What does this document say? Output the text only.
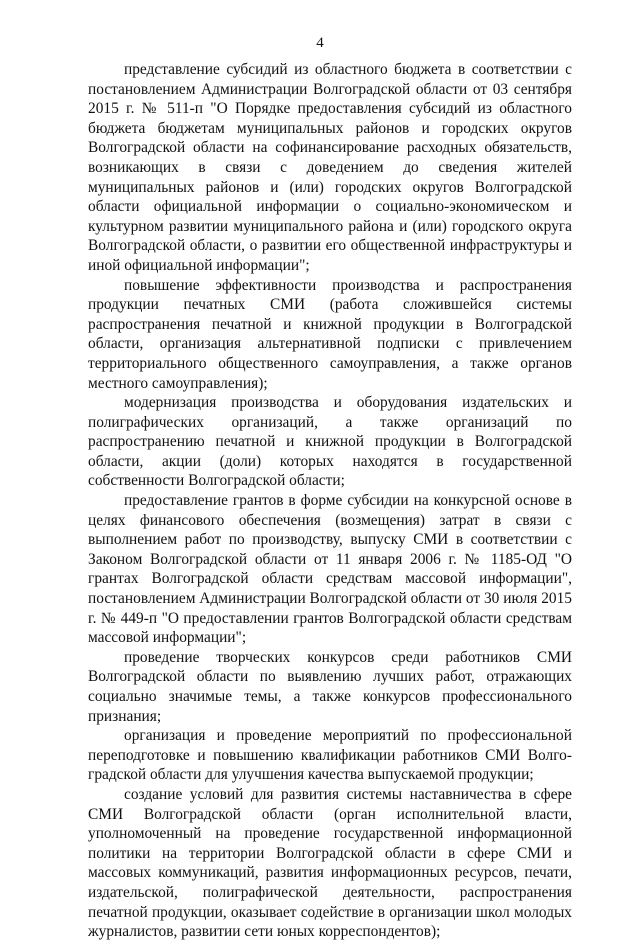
4

представление субсидий из областного бюджета в соответствии с постановлением Администрации Волгоградской области от 03 сентября 2015 г. № 511-п "О Порядке предоставления субсидий из областного бюджета бюджетам муниципальных районов и городских округов Волгоградской области на софинансирование расходных обязательств, возникающих в связи с доведением до сведения жителей муниципальных районов и (или) городских округов Волгоградской области официальной информации о социально-экономическом и культурном развитии муниципального района и (или) городского округа Волгоградской области, о развитии его общественной инфраструктуры и иной официальной информации";

повышение эффективности производства и распространения продукции печатных СМИ (работа сложившейся системы распространения печатной и книжной продукции в Волгоградской области, организация альтернативной подписки с привлечением территориального общественного самоуправления, а также органов местного самоуправления);

модернизация производства и оборудования издательских и полиграфических организаций, а также организаций по распространению печатной и книжной продукции в Волгоградской области, акции (доли) которых находятся в государственной собственности Волгоградской области;

предоставление грантов в форме субсидии на конкурсной основе в целях финансового обеспечения (возмещения) затрат в связи с выполнением работ по производству, выпуску СМИ в соответствии с Законом Волгоградской области от 11 января 2006 г. № 1185-ОД "О грантах Волгоградской области средствам массовой информации", постановлением Администрации Волгоградской области от 30 июля 2015 г. № 449-п "О предоставлении грантов Волгоградской области средствам массовой информации";

проведение творческих конкурсов среди работников СМИ Волгоградской области по выявлению лучших работ, отражающих социально значимые темы, а также конкурсов профессионального признания;

организация и проведение мероприятий по профессиональной переподготовке и повышению квалификации работников СМИ Волгоградской области для улучшения качества выпускаемой продукции;

создание условий для развития системы наставничества в сфере СМИ Волгоградской области (орган исполнительной власти, уполномоченный на проведение государственной информационной политики на территории Волгоградской области в сфере СМИ и массовых коммуникаций, развития информационных ресурсов, печати, издательской, полиграфической деятельности, распространения печатной продукции, оказывает содействие в организации школ молодых журналистов, развитии сети юных корреспондентов);
